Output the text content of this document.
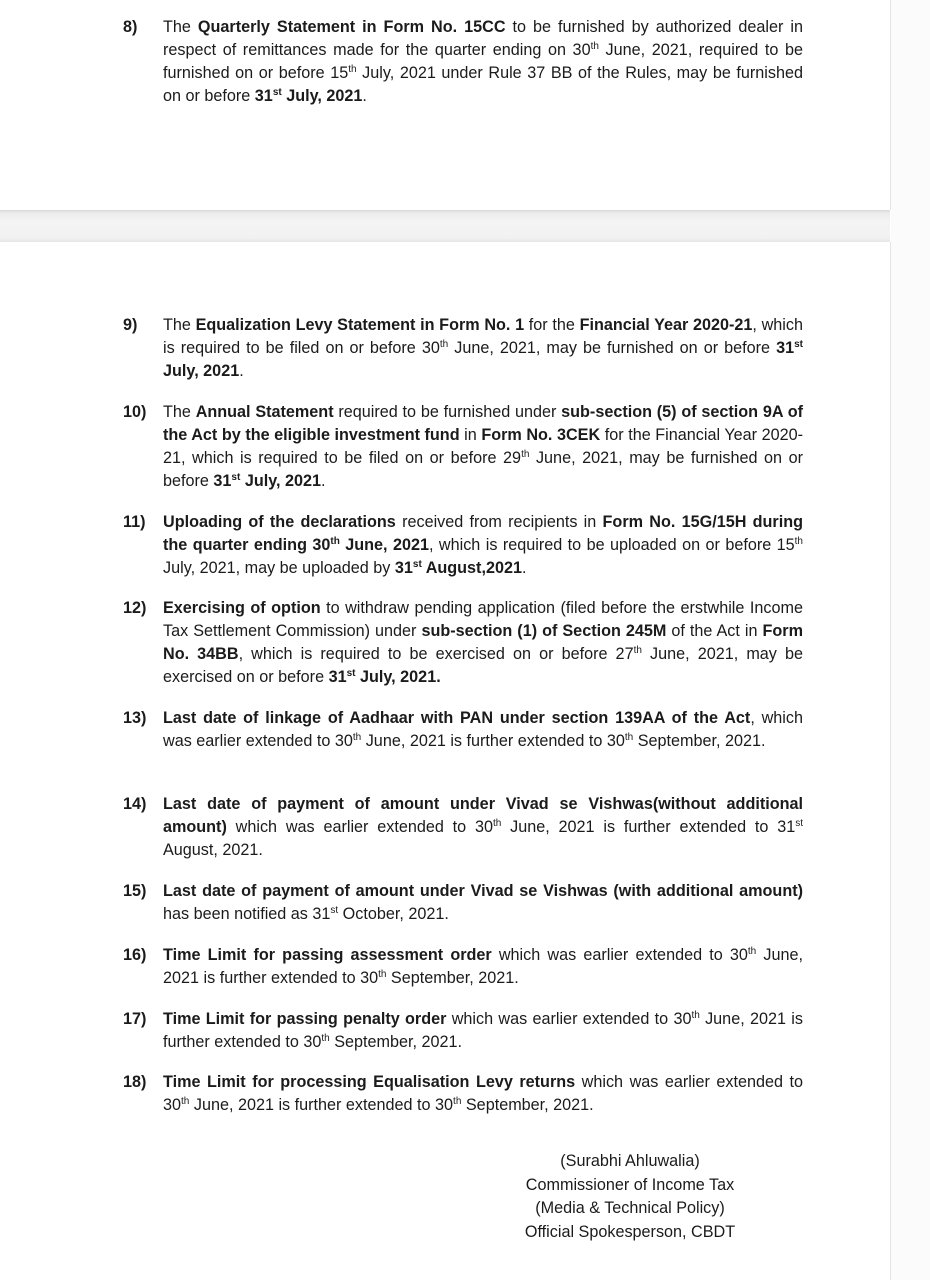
8) The Quarterly Statement in Form No. 15CC to be furnished by authorized dealer in respect of remittances made for the quarter ending on 30th June, 2021, required to be furnished on or before 15th July, 2021 under Rule 37 BB of the Rules, may be furnished on or before 31st July, 2021.
9) The Equalization Levy Statement in Form No. 1 for the Financial Year 2020-21, which is required to be filed on or before 30th June, 2021, may be furnished on or before 31st July, 2021.
10) The Annual Statement required to be furnished under sub-section (5) of section 9A of the Act by the eligible investment fund in Form No. 3CEK for the Financial Year 2020-21, which is required to be filed on or before 29th June, 2021, may be furnished on or before 31st July, 2021.
11) Uploading of the declarations received from recipients in Form No. 15G/15H during the quarter ending 30th June, 2021, which is required to be uploaded on or before 15th July, 2021, may be uploaded by 31st August,2021.
12) Exercising of option to withdraw pending application (filed before the erstwhile Income Tax Settlement Commission) under sub-section (1) of Section 245M of the Act in Form No. 34BB, which is required to be exercised on or before 27th June, 2021, may be exercised on or before 31st July, 2021.
13) Last date of linkage of Aadhaar with PAN under section 139AA of the Act, which was earlier extended to 30th June, 2021 is further extended to 30th September, 2021.
14) Last date of payment of amount under Vivad se Vishwas(without additional amount) which was earlier extended to 30th June, 2021 is further extended to 31st August, 2021.
15) Last date of payment of amount under Vivad se Vishwas (with additional amount) has been notified as 31st October, 2021.
16) Time Limit for passing assessment order which was earlier extended to 30th June, 2021 is further extended to 30th September, 2021.
17) Time Limit for passing penalty order which was earlier extended to 30th June, 2021 is further extended to 30th September, 2021.
18) Time Limit for processing Equalisation Levy returns which was earlier extended to 30th June, 2021 is further extended to 30th September, 2021.
(Surabhi Ahluwalia)
Commissioner of Income Tax
(Media & Technical Policy)
Official Spokesperson, CBDT
